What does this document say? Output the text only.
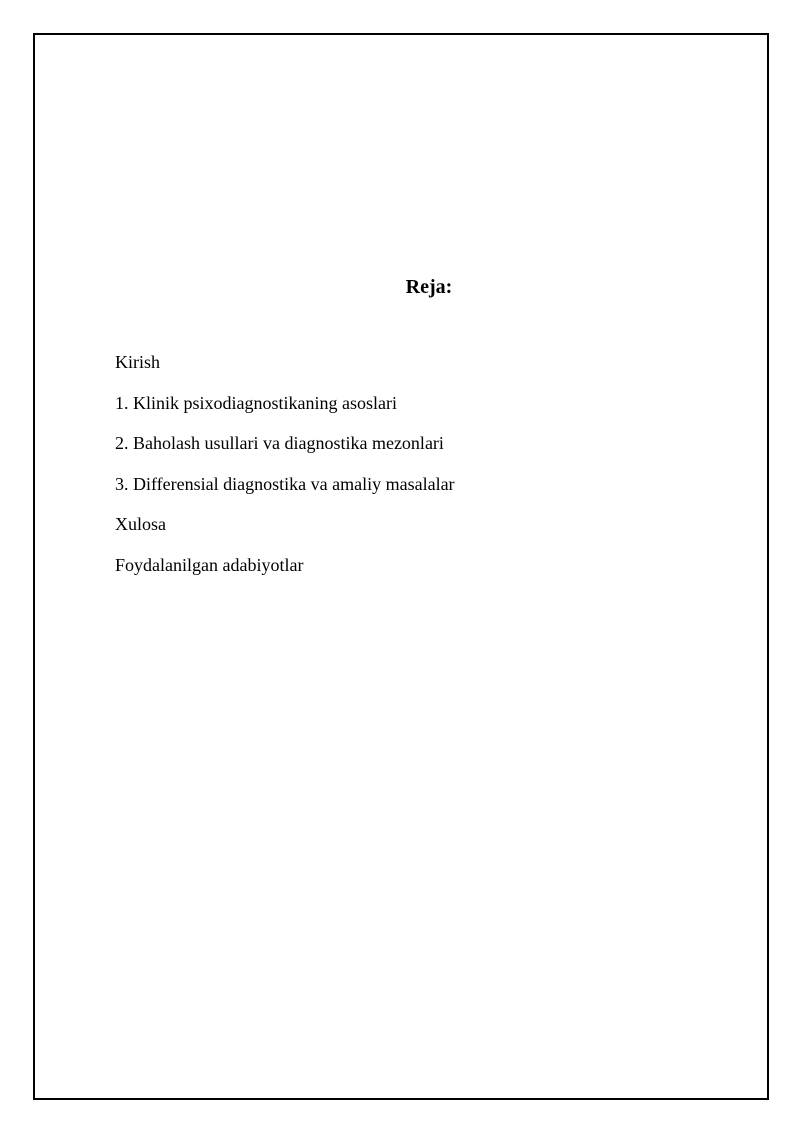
Reja:
Kirish
1. Klinik psixodiagnostikaning asoslari
2. Baholash usullari va diagnostika mezonlari
3. Differensial diagnostika va amaliy masalalar
Xulosa
Foydalanilgan adabiyotlar
